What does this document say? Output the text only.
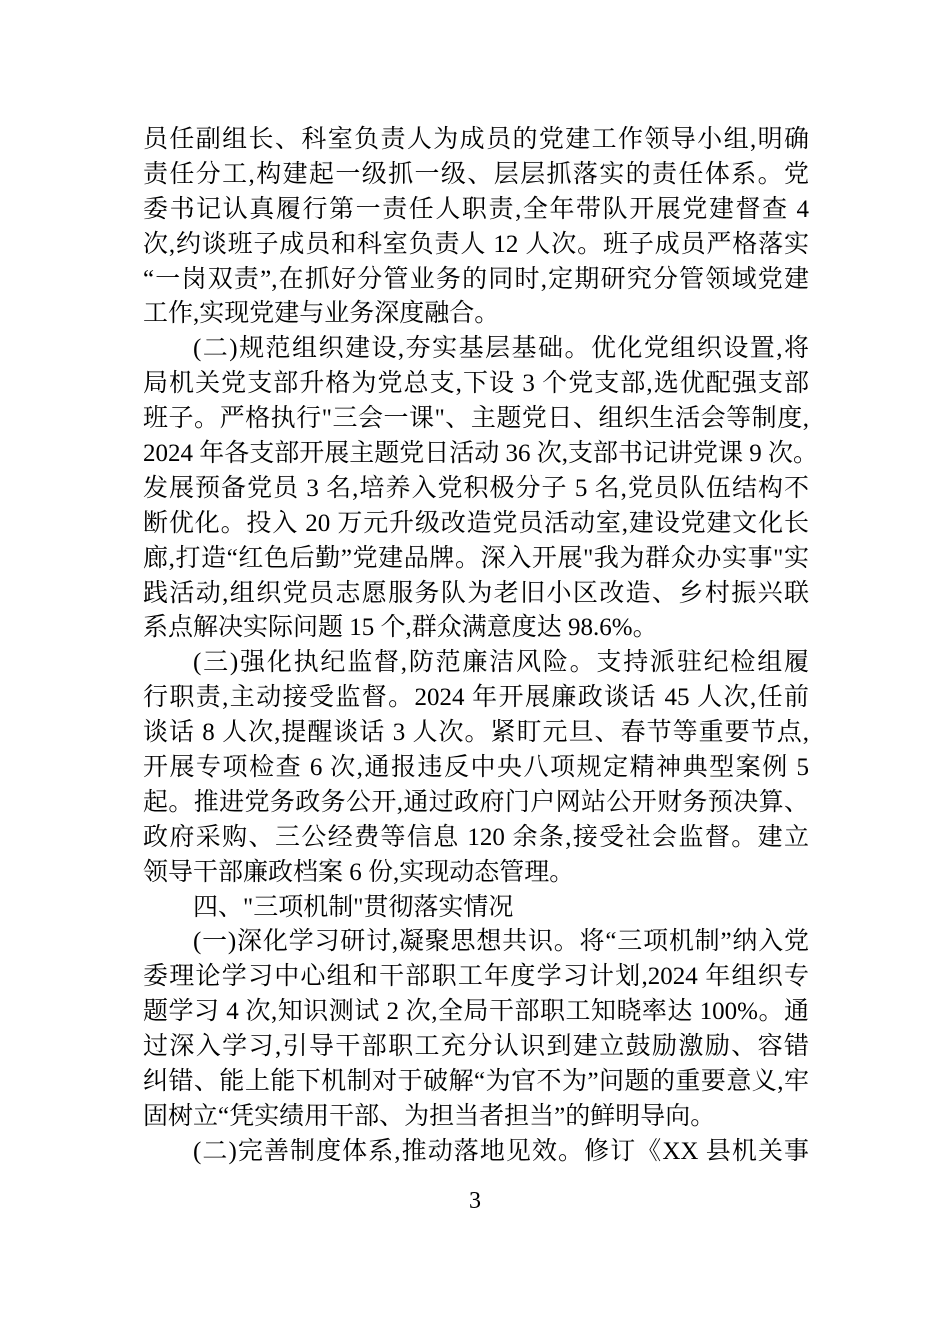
员任副组长、科室负责人为成员的党建工作领导小组,明确
责任分工,构建起一级抓一级、层层抓落实的责任体系。党
委书记认真履行第一责任人职责,全年带队开展党建督查 4
次,约谈班子成员和科室负责人 12 人次。班子成员严格落实
“一岗双责”,在抓好分管业务的同时,定期研究分管领域党建
工作,实现党建与业务深度融合。
(二)规范组织建设,夯实基层基础。优化党组织设置,将
局机关党支部升格为党总支,下设 3 个党支部,选优配强支部
班子。严格执行"三会一课"、主题党日、组织生活会等制度,
2024 年各支部开展主题党日活动 36 次,支部书记讲党课 9 次。
发展预备党员 3 名,培养入党积极分子 5 名,党员队伍结构不
断优化。投入 20 万元升级改造党员活动室,建设党建文化长
廊,打造“红色后勤”党建品牌。深入开展"我为群众办实事"实
践活动,组织党员志愿服务队为老旧小区改造、乡村振兴联
系点解决实际问题 15 个,群众满意度达 98.6%。
(三)强化执纪监督,防范廉洁风险。支持派驻纪检组履
行职责,主动接受监督。2024 年开展廉政谈话 45 人次,任前
谈话 8 人次,提醒谈话 3 人次。紧盯元旦、春节等重要节点,
开展专项检查 6 次,通报违反中央八项规定精神典型案例 5
起。推进党务政务公开,通过政府门户网站公开财务预决算、
政府采购、三公经费等信息 120 余条,接受社会监督。建立
领导干部廉政档案 6 份,实现动态管理。
四、"三项机制"贯彻落实情况
(一)深化学习研讨,凝聚思想共识。将“三项机制”纳入党
委理论学习中心组和干部职工年度学习计划,2024 年组织专
题学习 4 次,知识测试 2 次,全局干部职工知晓率达 100%。通
过深入学习,引导干部职工充分认识到建立鼓励激励、容错
纠错、能上能下机制对于破解“为官不为”问题的重要意义,牢
固树立“凭实绩用干部、为担当者担当”的鲜明导向。
(二)完善制度体系,推动落地见效。修订《XX 县机关事
3
